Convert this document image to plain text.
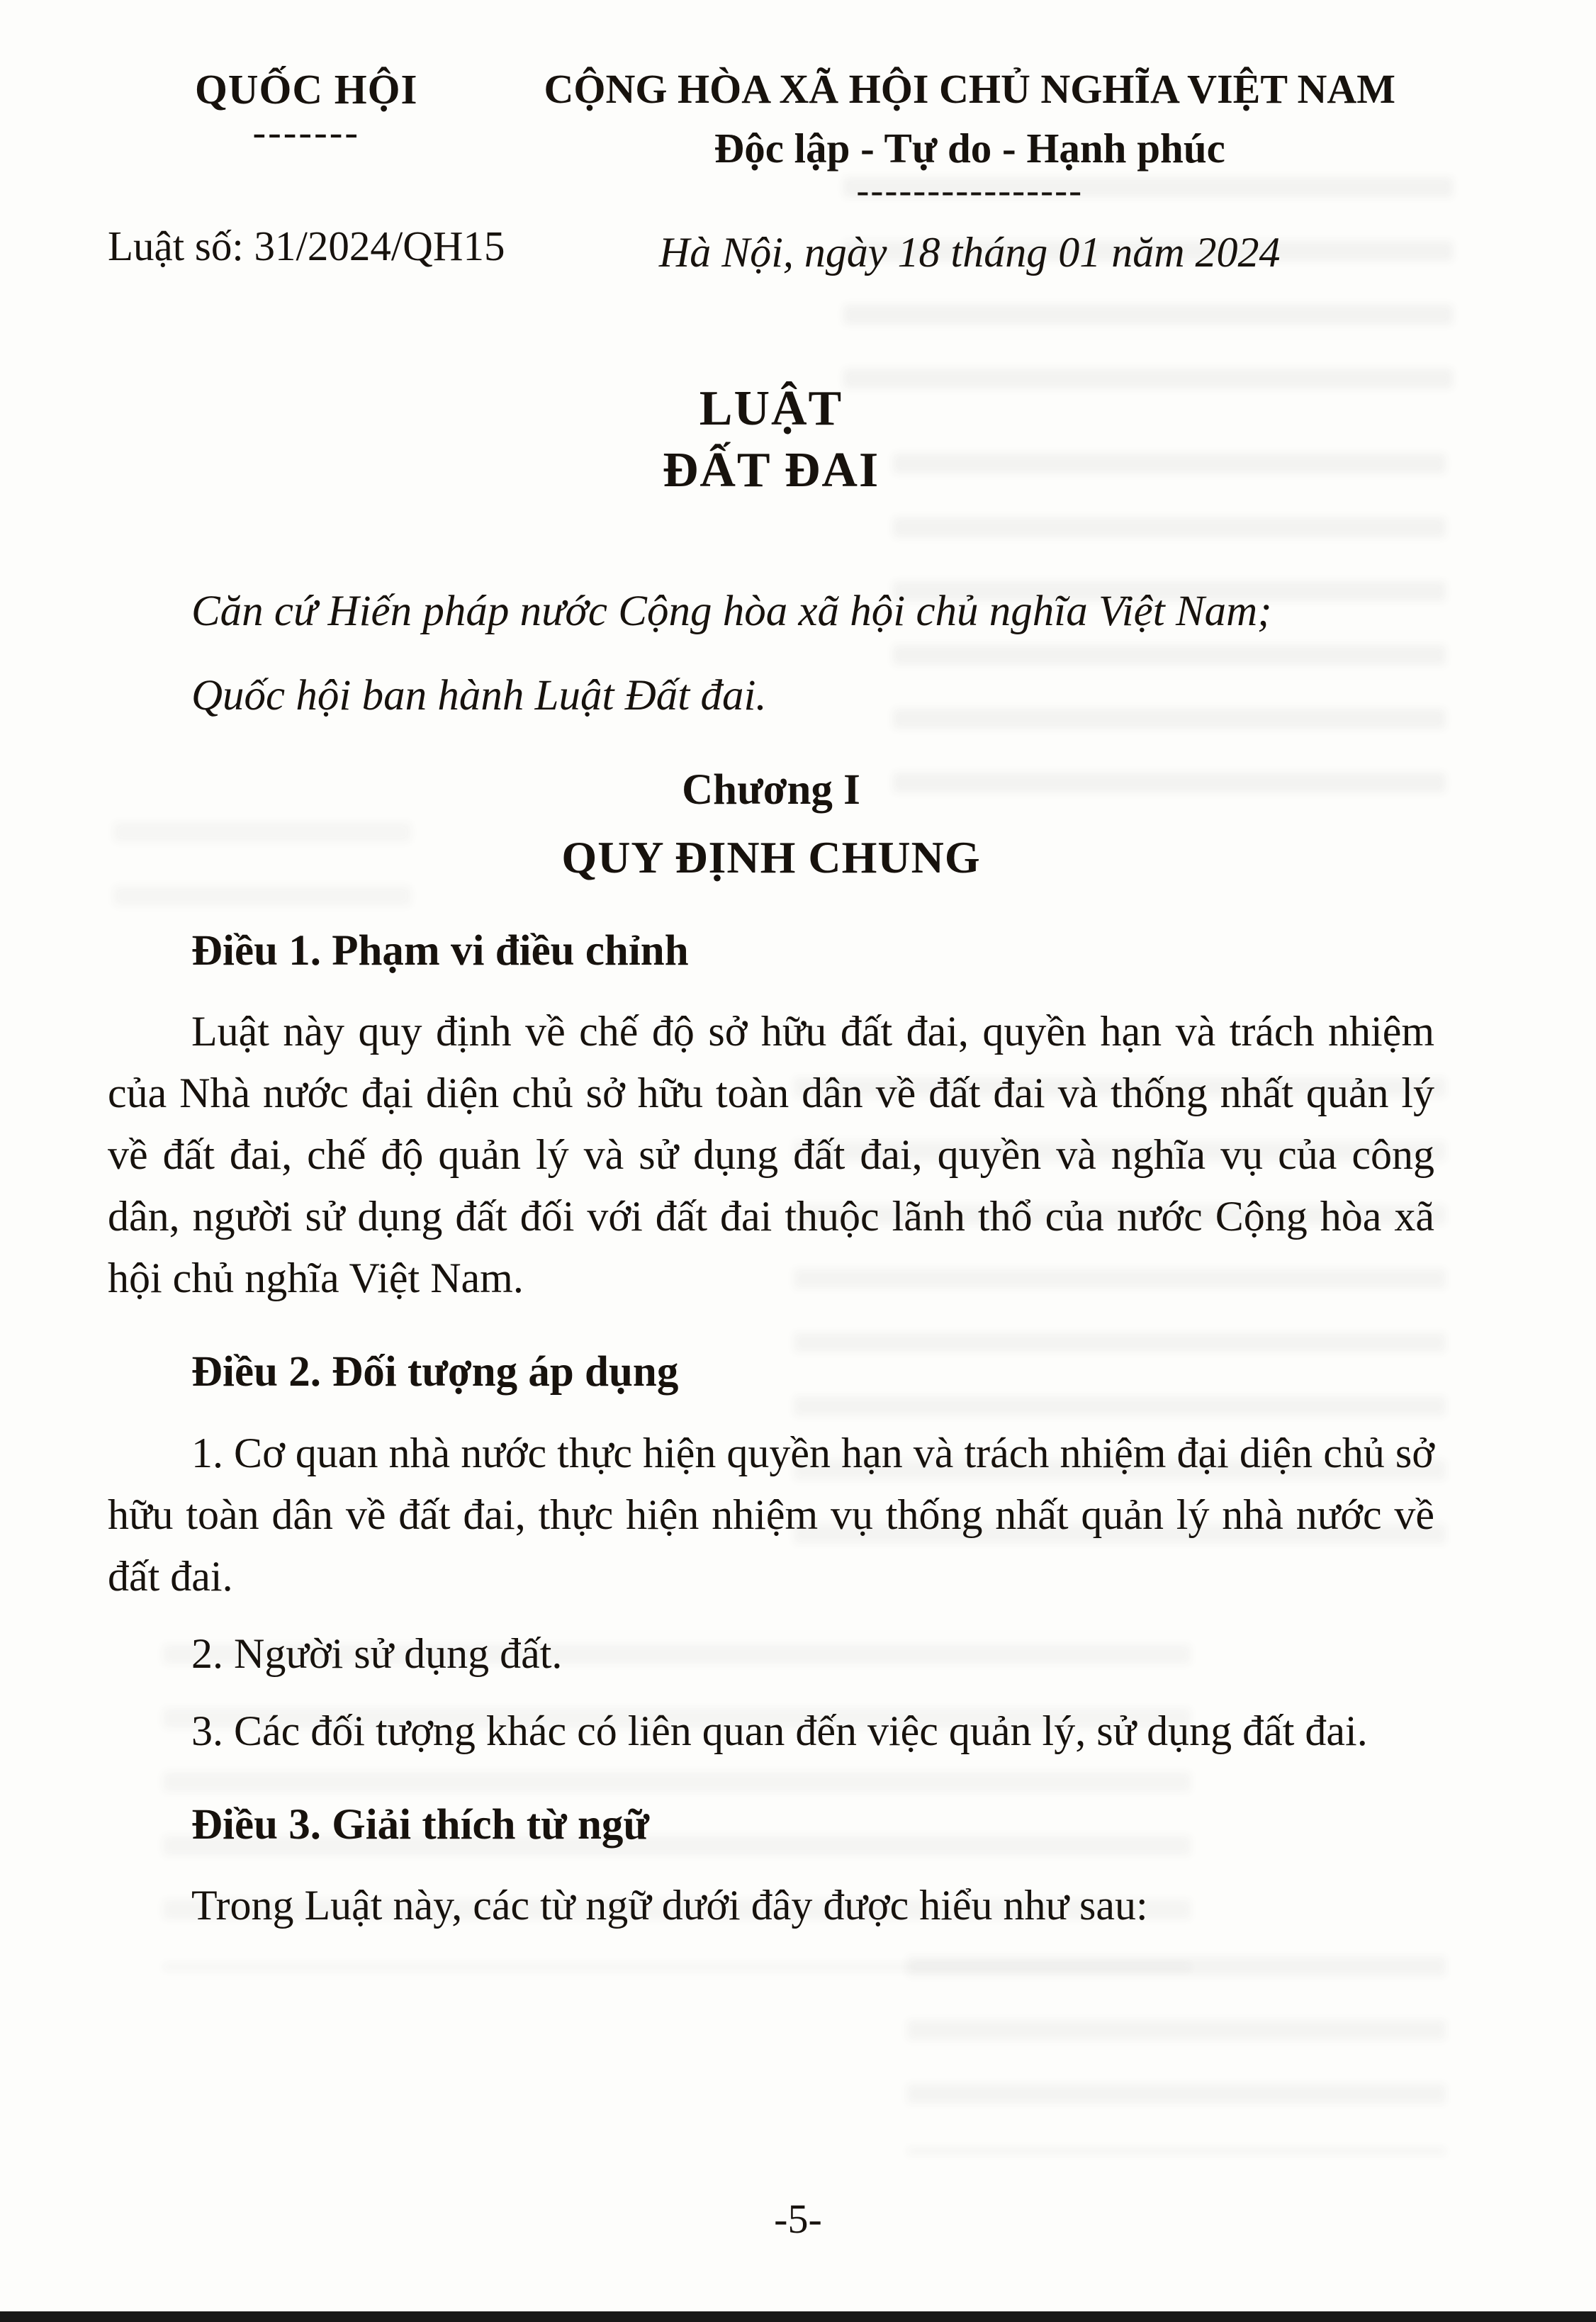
QUỐC HỘI
-------
Luật số: 31/2024/QH15
CỘNG HÒA XÃ HỘI CHỦ NGHĨA VIỆT NAM
Độc lập - Tự do - Hạnh phúc
----------------
Hà Nội, ngày 18 tháng 01 năm 2024
LUẬT
ĐẤT ĐAI

Căn cứ Hiến pháp nước Cộng hòa xã hội chủ nghĩa Việt Nam;

Quốc hội ban hành Luật Đất đai.

Chương I
QUY ĐỊNH CHUNG
Điều 1. Phạm vi điều chỉnh

Luật này quy định về chế độ sở hữu đất đai, quyền hạn và trách nhiệm của Nhà nước đại diện chủ sở hữu toàn dân về đất đai và thống nhất quản lý về đất đai, chế độ quản lý và sử dụng đất đai, quyền và nghĩa vụ của công dân, người sử dụng đất đối với đất đai thuộc lãnh thổ của nước Cộng hòa xã hội chủ nghĩa Việt Nam.

Điều 2. Đối tượng áp dụng

1. Cơ quan nhà nước thực hiện quyền hạn và trách nhiệm đại diện chủ sở hữu toàn dân về đất đai, thực hiện nhiệm vụ thống nhất quản lý nhà nước về đất đai.

2. Người sử dụng đất.

3. Các đối tượng khác có liên quan đến việc quản lý, sử dụng đất đai.

Điều 3. Giải thích từ ngữ

Trong Luật này, các từ ngữ dưới đây được hiểu như sau:

-5-
